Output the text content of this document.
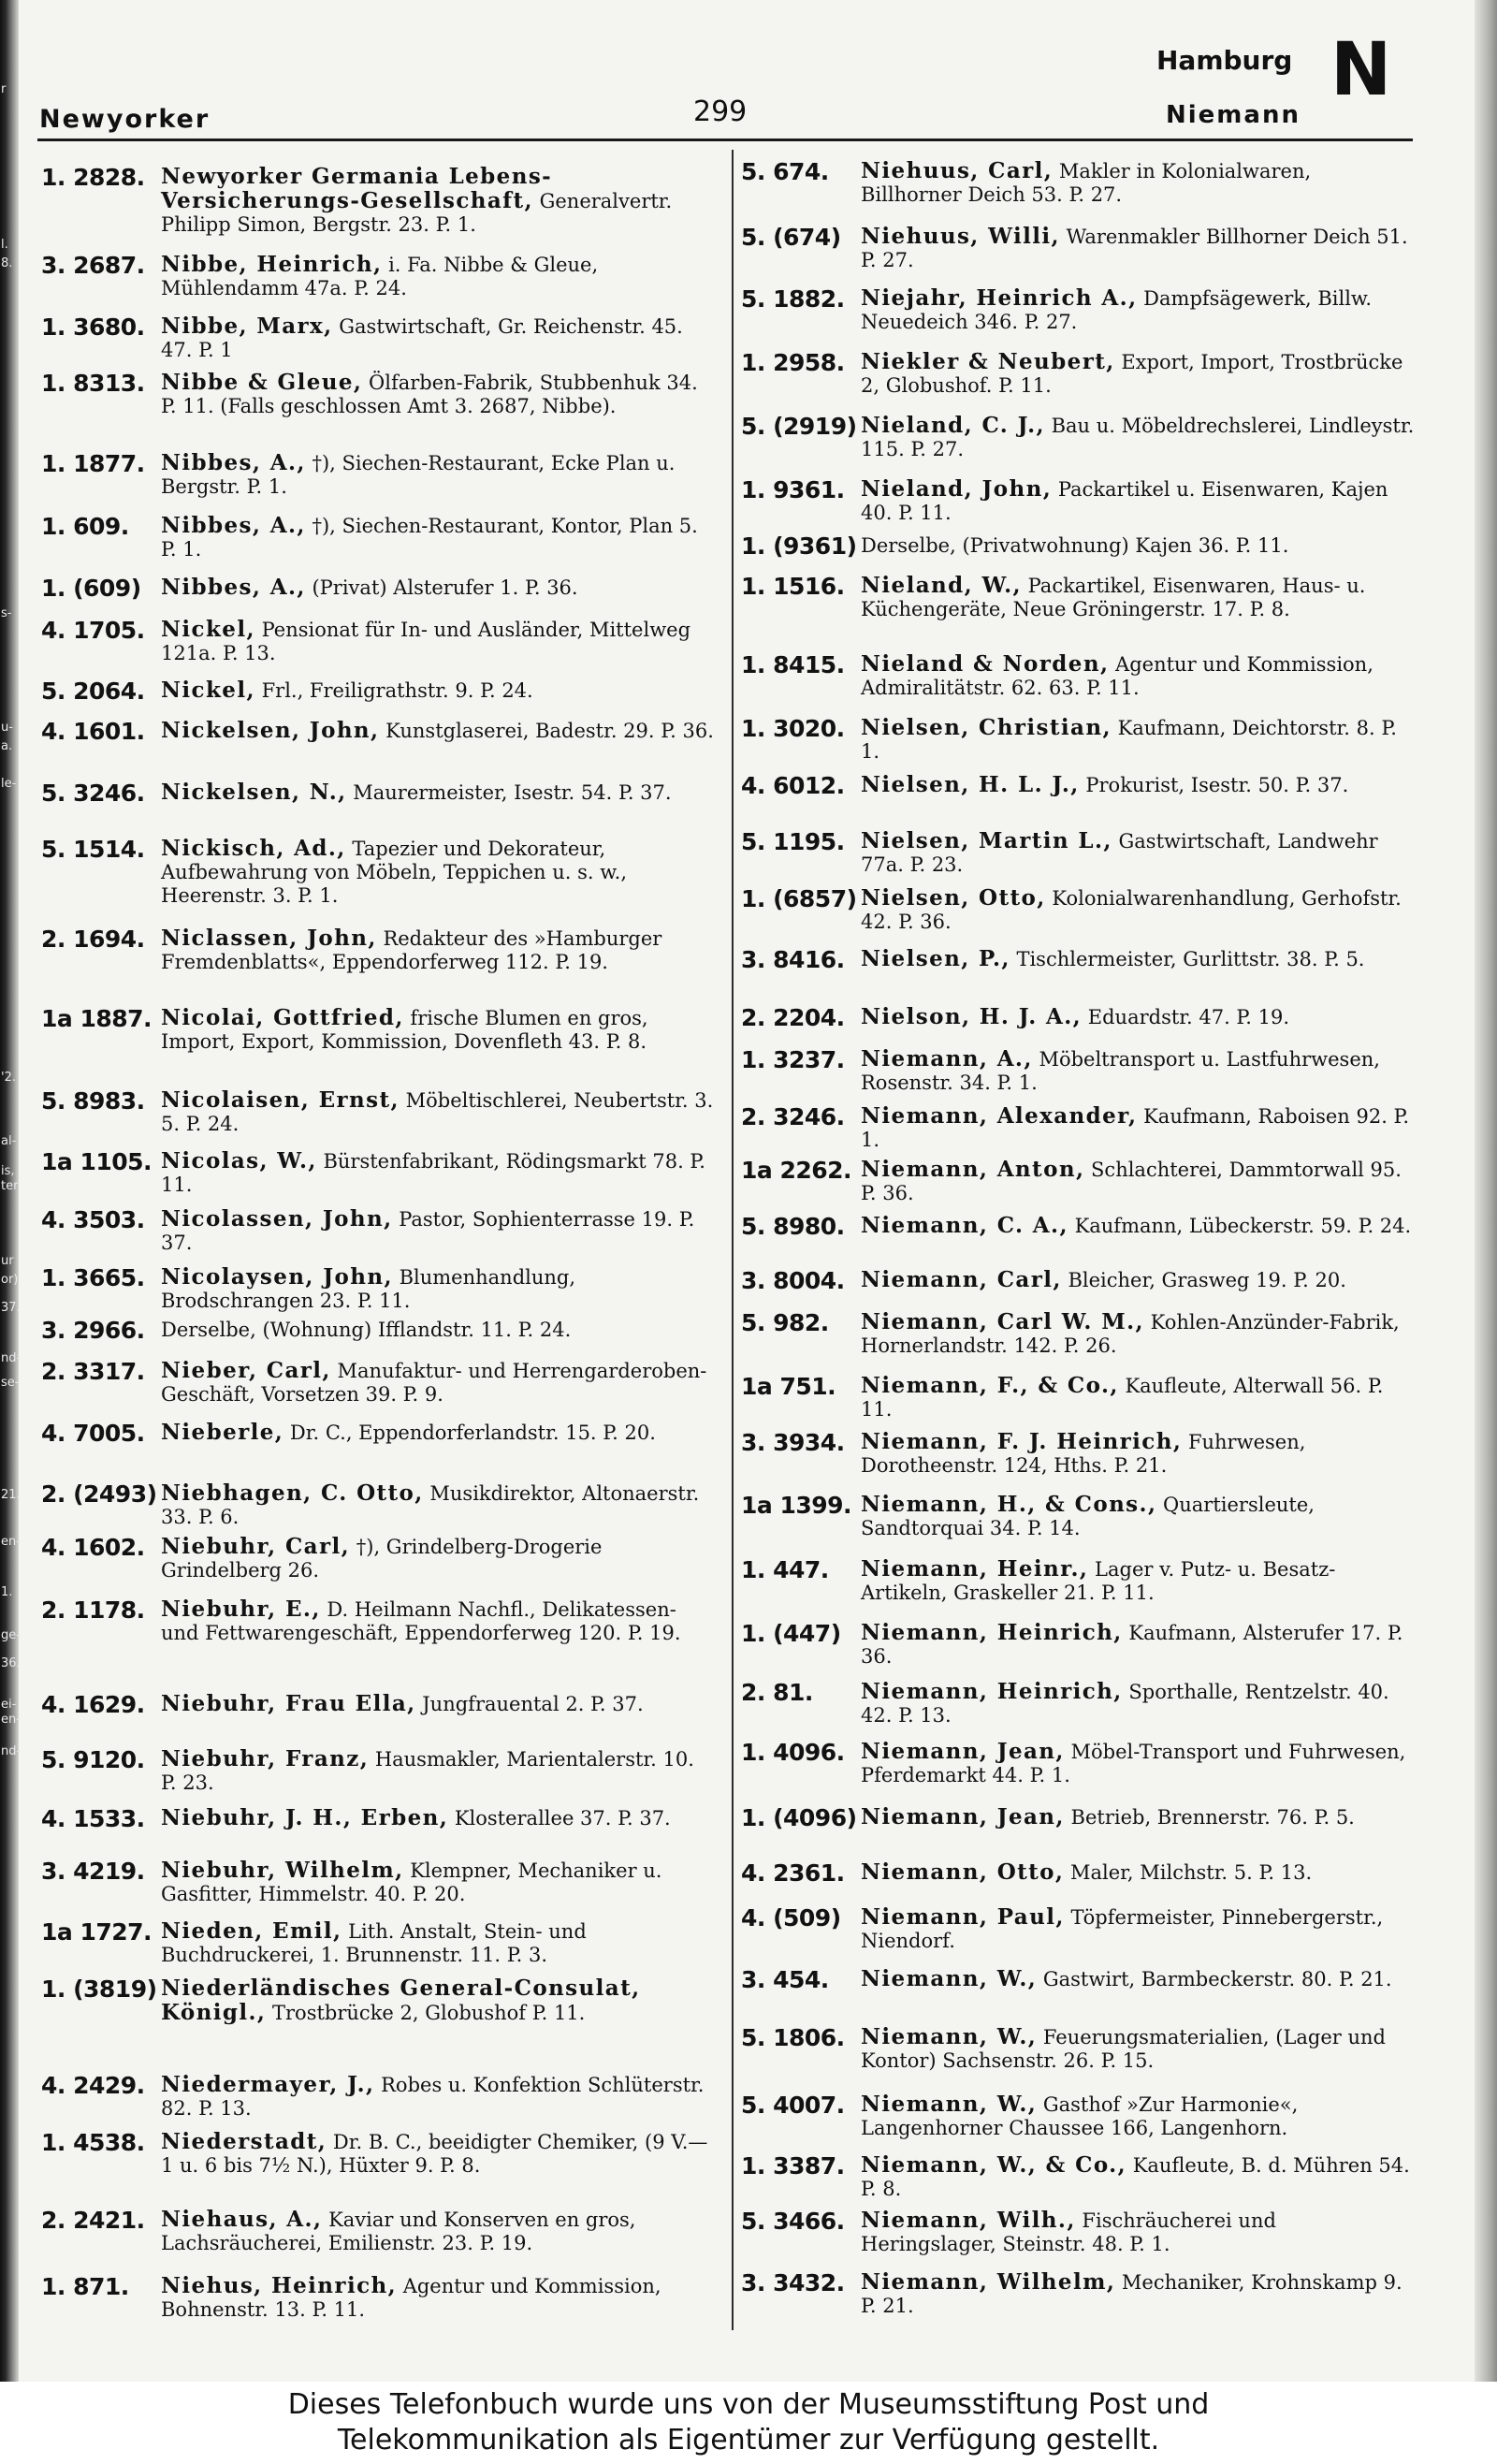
r
l.
8.
s-
u-
a.
le-
'2.
al-
is,
ter
ur
or)
37.
nd-
se-
21.
en-
1.
ge-
36.
ei-
en-
nd-
Newyorker	299
Hamburg
Niemann
N
1. 2828. Newyorker Germania Lebens-Versicherungs-Gesellschaft, Generalvertr. Philipp Simon, Bergstr. 23. P. 1.
3. 2687. Nibbe, Heinrich, i. Fa. Nibbe & Gleue, Mühlendamm 47a. P. 24.
1. 3680. Nibbe, Marx, Gastwirtschaft, Gr. Reichenstr. 45. 47. P. 1
1. 8313. Nibbe & Gleue, Ölfarben-Fabrik, Stubbenhuk 34. P. 11. (Falls geschlossen Amt 3. 2687, Nibbe).
1. 1877. Nibbes, A., †), Siechen-Restaurant, Ecke Plan u. Bergstr. P. 1.
1. 609.	Nibbes, A., †), Siechen-Restaurant, Kontor, Plan 5. P. 1.
1. (609) Nibbes, A., (Privat) Alsterufer 1. P. 36.
4. 1705. Nickel, Pensionat für In- und Ausländer, Mittelweg 121a. P. 13.
5. 2064. Nickel, Frl., Freiligrathstr. 9. P. 24.
4. 1601. Nickelsen, John, Kunstglaserei, Badestr. 29. P. 36.
5. 3246. Nickelsen, N., Maurermeister, Isestr. 54. P. 37.
5. 1514. Nickisch, Ad., Tapezier und Dekorateur, Aufbewahrung von Möbeln, Teppichen u. s. w., Heerenstr. 3. P. 1.
2. 1694. Niclassen, John, Redakteur des »Hamburger Fremdenblatts«, Eppendorferweg 112. P. 19.
1a 1887. Nicolai, Gottfried, frische Blumen en gros, Import, Export, Kommission, Dovenfleth 43. P. 8.
5. 8983. Nicolaisen, Ernst, Möbeltischlerei, Neubertstr. 3. 5. P. 24.
1a 1105. Nicolas, W., Bürstenfabrikant, Rödingsmarkt 78. P. 11.
4. 3503. Nicolassen, John, Pastor, Sophienterrasse 19. P. 37.
1. 3665. Nicolaysen, John, Blumenhandlung, Brodschrangen 23. P. 11.
3. 2966. Derselbe, (Wohnung) Ifflandstr. 11. P. 24.
2. 3317. Nieber, Carl, Manufaktur- und Herrengarderoben-Geschäft, Vorsetzen 39. P. 9.
4. 7005. Nieberle, Dr. C., Eppendorferlandstr. 15. P. 20.
2. (2493) Niebhagen, C. Otto, Musikdirektor, Altonaerstr. 33. P. 6.
4. 1602. Niebuhr, Carl, †), Grindelberg-Drogerie Grindelberg 26.
2. 1178. Niebuhr, E., D. Heilmann Nachfl., Delikatessen- und Fettwarengeschäft, Eppendorferweg 120. P. 19.
4. 1629. Niebuhr, Frau Ella, Jungfrauental 2. P. 37.
5. 9120. Niebuhr, Franz, Hausmakler, Marientalerstr. 10. P. 23.
4. 1533. Niebuhr, J. H., Erben, Klosterallee 37. P. 37.
3. 4219. Niebuhr, Wilhelm, Klempner, Mechaniker u. Gasfitter, Himmelstr. 40. P. 20.
1a 1727. Nieden, Emil, Lith. Anstalt, Stein- und Buchdruckerei, 1. Brunnenstr. 11. P. 3.
1. (3819) Niederländisches General-Consulat, Königl., Trostbrücke 2, Globushof P. 11.
4. 2429. Niedermayer, J., Robes u. Konfektion Schlüterstr. 82. P. 13.
1. 4538. Niederstadt, Dr. B. C., beeidigter Chemiker, (9 V.—1 u. 6 bis 7½ N.), Hüxter 9. P. 8.
2. 2421. Niehaus, A., Kaviar und Konserven en gros, Lachsräucherei, Emilienstr. 23. P. 19.
1. 871.	Niehus, Heinrich, Agentur und Kommission, Bohnenstr. 13. P. 11.
5. 674.	Niehuus, Carl, Makler in Kolonialwaren, Billhorner Deich 53. P. 27.
5. (674) Niehuus, Willi, Warenmakler Billhorner Deich 51. P. 27.
5. 1882. Niejahr, Heinrich A., Dampfsägewerk, Billw. Neuedeich 346. P. 27.
1. 2958. Niekler & Neubert, Export, Import, Trostbrücke 2, Globushof. P. 11.
5. (2919) Nieland, C. J., Bau u. Möbeldrechslerei, Lindleystr. 115. P. 27.
1. 9361. Nieland, John, Packartikel u. Eisenwaren, Kajen 40. P. 11.
1. (9361) Derselbe, (Privatwohnung) Kajen 36. P. 11.
1. 1516. Nieland, W., Packartikel, Eisenwaren, Haus- u. Küchengeräte, Neue Gröningerstr. 17. P. 8.
1. 8415. Nieland & Norden, Agentur und Kommission, Admiralitätstr. 62. 63. P. 11.
1. 3020. Nielsen, Christian, Kaufmann, Deichtorstr. 8. P. 1.
4. 6012. Nielsen, H. L. J., Prokurist, Isestr. 50. P. 37.
5. 1195. Nielsen, Martin L., Gastwirtschaft, Landwehr 77a. P. 23.
1. (6857) Nielsen, Otto, Kolonialwarenhandlung, Gerhofstr. 42. P. 36.
3. 8416. Nielsen, P., Tischlermeister, Gurlittstr. 38. P. 5.
2. 2204. Nielson, H. J. A., Eduardstr. 47. P. 19.
1. 3237. Niemann, A., Möbeltransport u. Lastfuhrwesen, Rosenstr. 34. P. 1.
2. 3246. Niemann, Alexander, Kaufmann, Raboisen 92. P. 1.
1a 2262. Niemann, Anton, Schlachterei, Dammtorwall 95. P. 36.
5. 8980. Niemann, C. A., Kaufmann, Lübeckerstr. 59. P. 24.
3. 8004. Niemann, Carl, Bleicher, Grasweg 19. P. 20.
5. 982.	Niemann, Carl W. M., Kohlen-Anzünder-Fabrik, Hornerlandstr. 142. P. 26.
1a 751.	Niemann, F., & Co., Kaufleute, Alterwall 56. P. 11.
3. 3934. Niemann, F. J. Heinrich, Fuhrwesen, Dorotheenstr. 124, Hths. P. 21.
1a 1399. Niemann, H., & Cons., Quartiersleute, Sandtorquai 34. P. 14.
1. 447.	Niemann, Heinr., Lager v. Putz- u. Besatz-Artikeln, Graskeller 21. P. 11.
1. (447) Niemann, Heinrich, Kaufmann, Alsterufer 17. P. 36.
2. 81.	Niemann, Heinrich, Sporthalle, Rentzelstr. 40. 42. P. 13.
1. 4096. Niemann, Jean, Möbel-Transport und Fuhrwesen, Pferdemarkt 44. P. 1.
1. (4096) Niemann, Jean, Betrieb, Brennerstr. 76. P. 5.
4. 2361. Niemann, Otto, Maler, Milchstr. 5. P. 13.
4. (509) Niemann, Paul, Töpfermeister, Pinnebergerstr., Niendorf.
3. 454.	Niemann, W., Gastwirt, Barmbeckerstr. 80. P. 21.
5. 1806. Niemann, W., Feuerungsmaterialien, (Lager und Kontor) Sachsenstr. 26. P. 15.
5. 4007. Niemann, W., Gasthof »Zur Harmonie«, Langenhorner Chaussee 166, Langenhorn.
1. 3387. Niemann, W., & Co., Kaufleute, B. d. Mühren 54. P. 8.
5. 3466. Niemann, Wilh., Fischräucherei und Heringslager, Steinstr. 48. P. 1.
3. 3432. Niemann, Wilhelm, Mechaniker, Krohnskamp 9. P. 21.
Dieses Telefonbuch wurde uns von der Museumsstiftung Post und
Telekommunikation als Eigentümer zur Verfügung gestellt.
